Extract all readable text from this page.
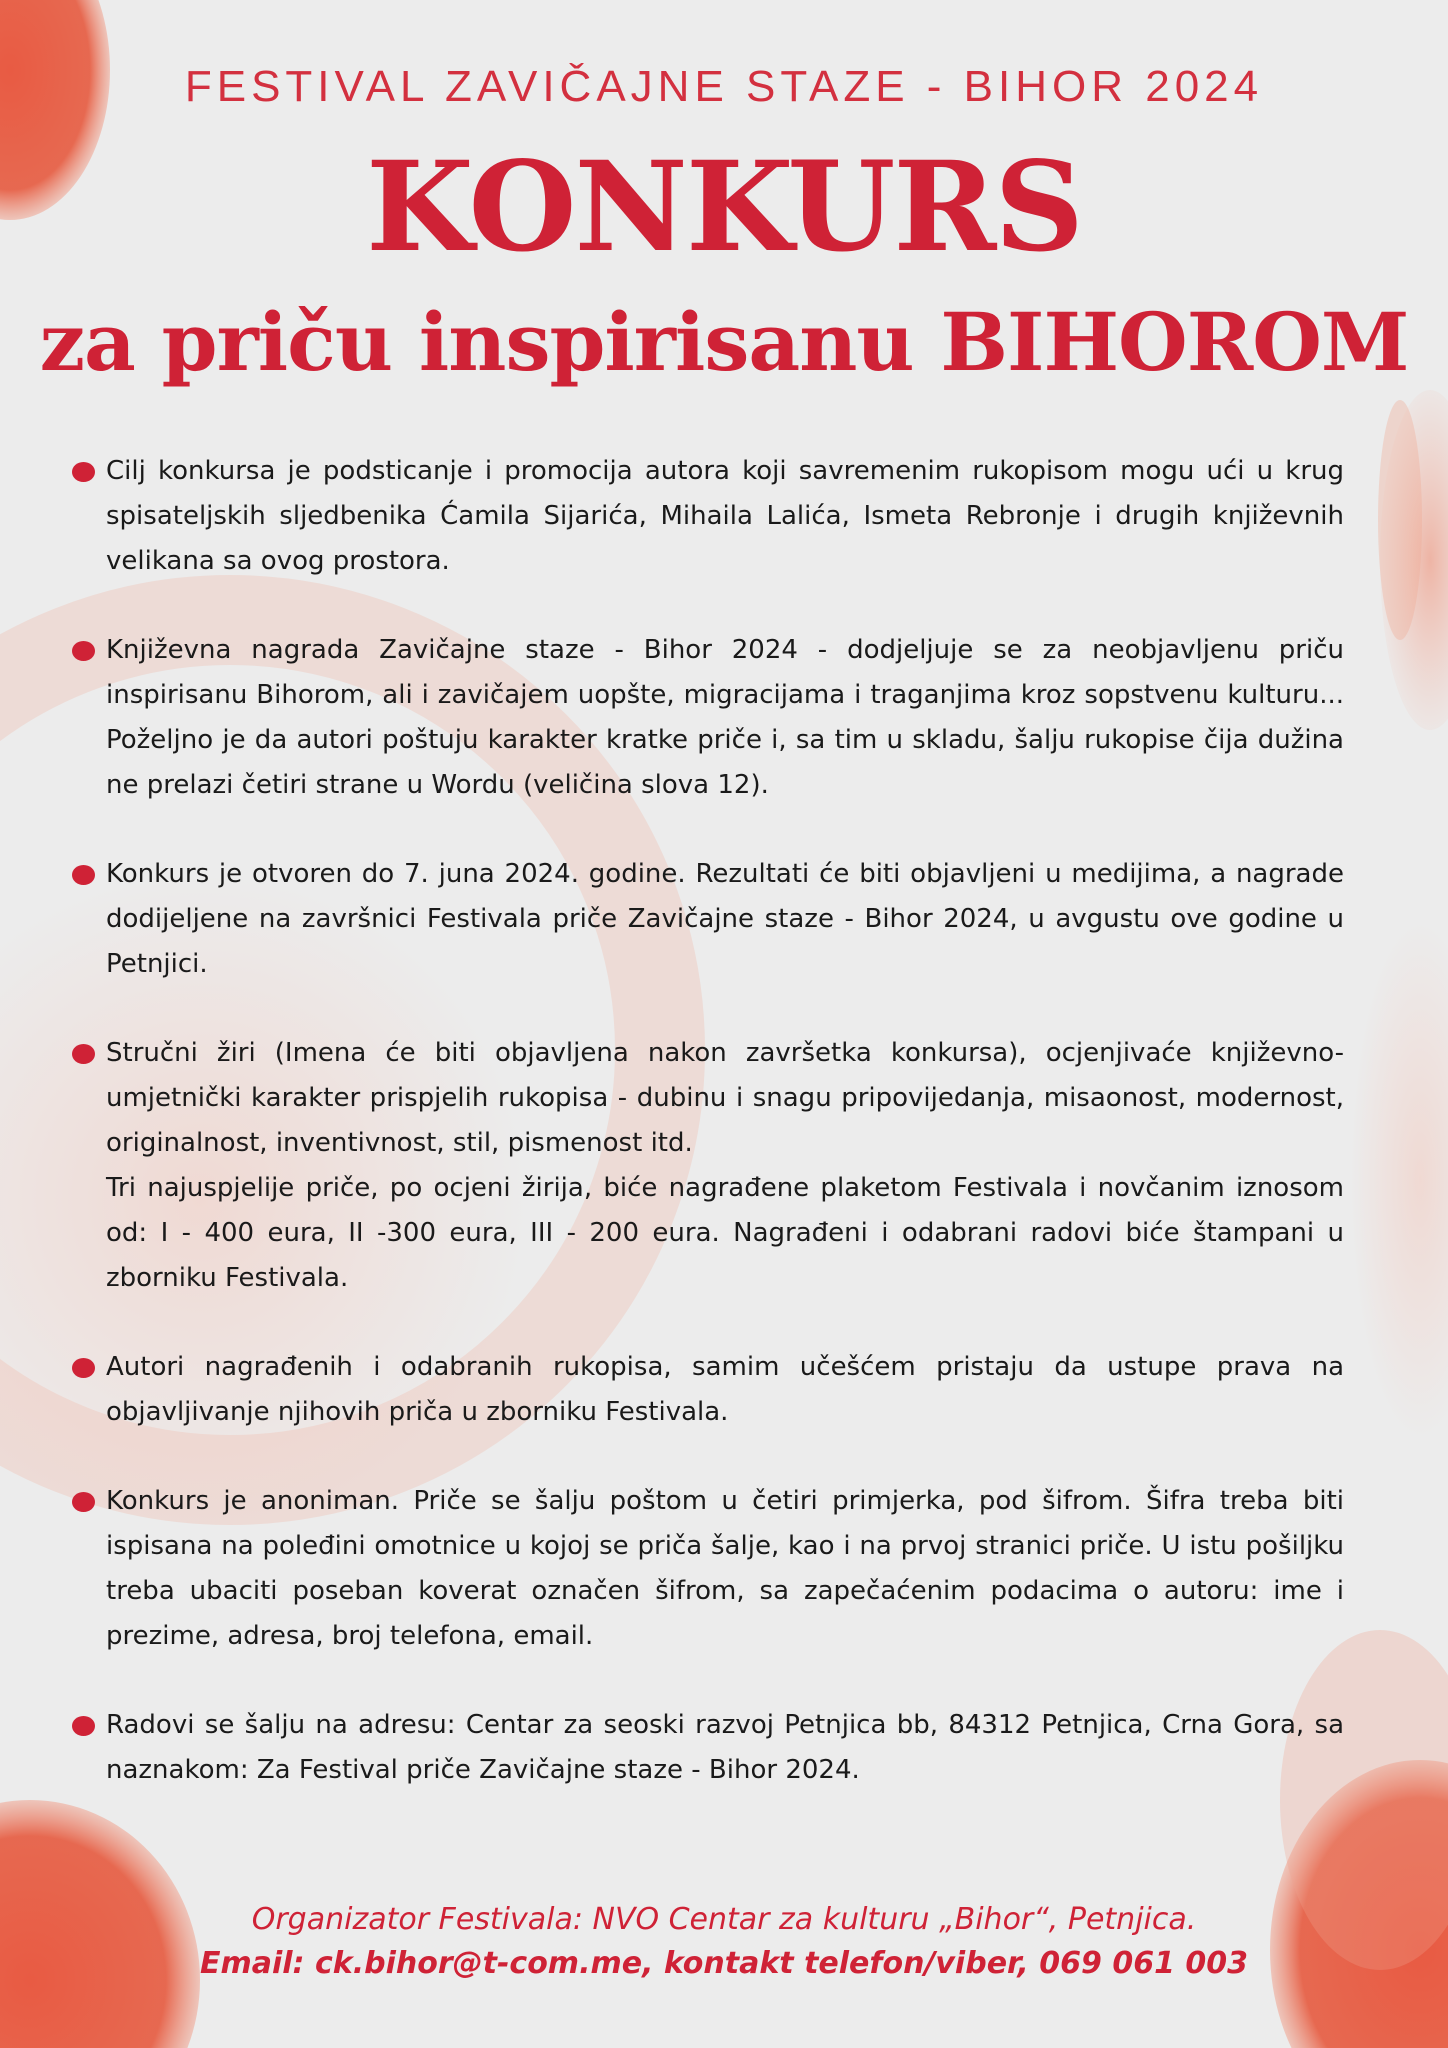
FESTIVAL ZAVIČAJNE STAZE - BIHOR 2024
KONKURS
za priču inspirisanu BIHOROM
Cilj konkursa je podsticanje i promocija autora koji savremenim rukopisom mogu ući u krug spisateljskih sljedbenika Ćamila Sijarića, Mihaila Lalića, Ismeta Rebronje i drugih književnih velikana sa ovog prostora.
Književna nagrada Zavičajne staze - Bihor 2024 - dodjeljuje se za neobjavljenu priču inspirisanu Bihorom, ali i zavičajem uopšte, migracijama i traganjima kroz sopstvenu kulturu... Poželjno je da autori poštuju karakter kratke priče i, sa tim u skladu, šalju rukopise čija dužina ne prelazi četiri strane u Wordu (veličina slova 12).
Konkurs je otvoren do 7. juna 2024. godine. Rezultati će biti objavljeni u medijima, a nagrade dodijeljene na završnici Festivala priče Zavičajne staze - Bihor 2024, u avgustu ove godine u Petnjici.
Stručni žiri (Imena će biti objavljena nakon završetka konkursa), ocjenjivaće književno-umjetnički karakter prispjelih rukopisa - dubinu i snagu pripovijedanja, misaonost, modernost, originalnost, inventivnost, stil, pismenost itd.
Tri najuspjelije priče, po ocjeni žirija, biće nagrađene plaketom Festivala i novčanim iznosom od: I - 400 eura, II -300 eura, III - 200 eura. Nagrađeni i odabrani radovi biće štampani u zborniku Festivala.
Autori nagrađenih i odabranih rukopisa, samim učešćem pristaju da ustupe prava na objavljivanje njihovih priča u zborniku Festivala.
Konkurs je anoniman. Priče se šalju poštom u četiri primjerka, pod šifrom. Šifra treba biti ispisana na poleđini omotnice u kojoj se priča šalje, kao i na prvoj stranici priče. U istu pošiljku treba ubaciti poseban koverat označen šifrom, sa zapečaćenim podacima o autoru: ime i prezime, adresa, broj telefona, email.
Radovi se šalju na adresu: Centar za seoski razvoj Petnjica bb, 84312 Petnjica, Crna Gora, sa naznakom: Za Festival priče Zavičajne staze - Bihor 2024.
Organizator Festivala: NVO Centar za kulturu „Bihor“, Petnjica.
Email: ck.bihor@t-com.me, kontakt telefon/viber, 069 061 003
